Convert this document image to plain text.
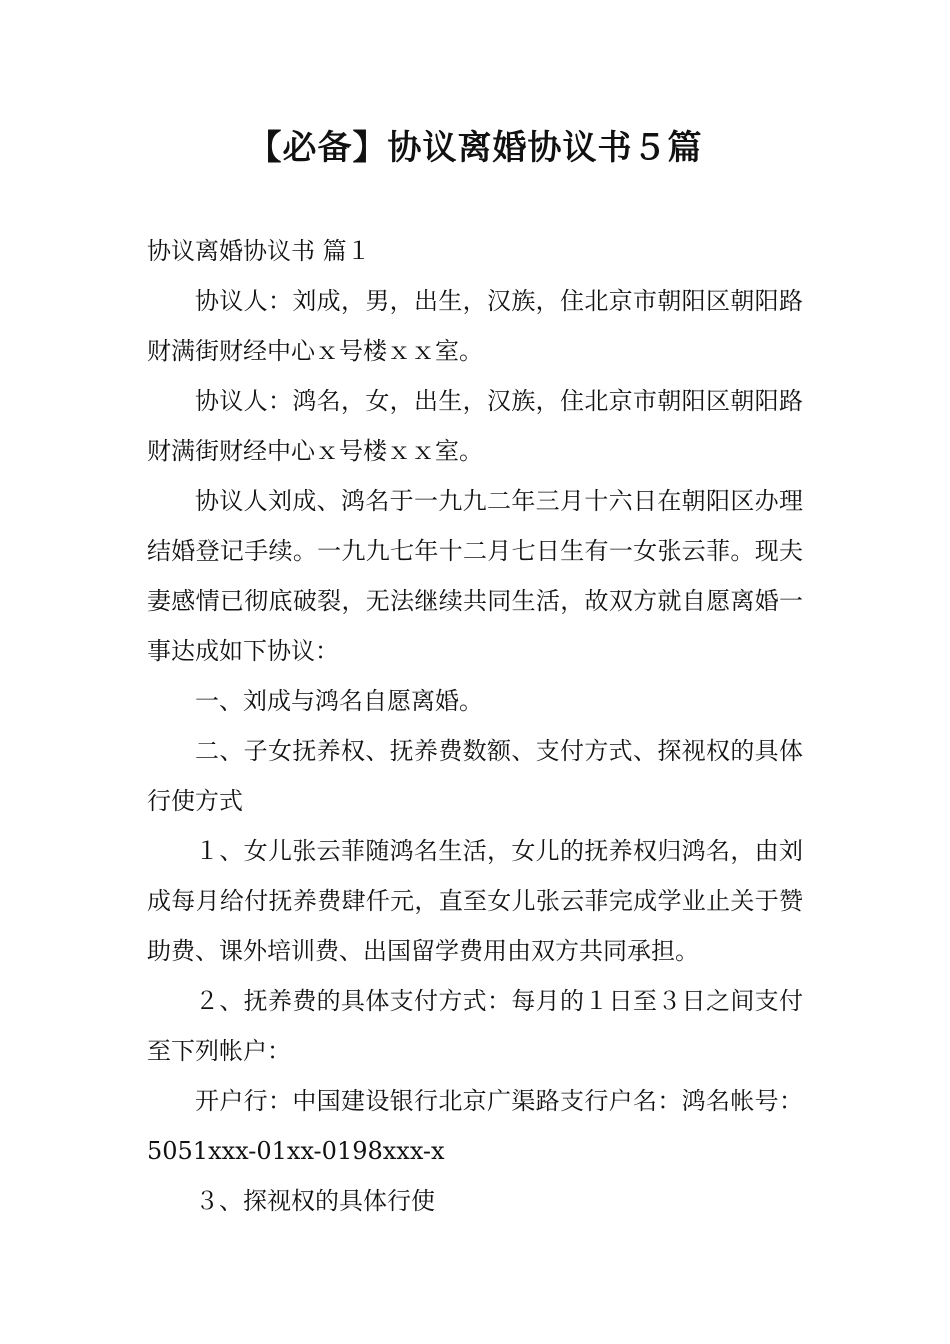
【必备】协议离婚协议书５篇

协议离婚协议书 篇１

协议人：刘成，男，出生，汉族，住北京市朝阳区朝阳路财满街财经中心ｘ号楼ｘｘ室。

协议人：鸿名，女，出生，汉族，住北京市朝阳区朝阳路财满街财经中心ｘ号楼ｘｘ室。

协议人刘成、鸿名于一九九二年三月十六日在朝阳区办理结婚登记手续。一九九七年十二月七日生有一女张云菲。现夫妻感情已彻底破裂，无法继续共同生活，故双方就自愿离婚一事达成如下协议：

一、刘成与鸿名自愿离婚。

二、子女抚养权、抚养费数额、支付方式、探视权的具体行使方式

１、女儿张云菲随鸿名生活，女儿的抚养权归鸿名，由刘成每月给付抚养费肆仟元，直至女儿张云菲完成学业止关于赞助费、课外培训费、出国留学费用由双方共同承担。

２、抚养费的具体支付方式：每月的１日至３日之间支付至下列帐户：

开户行：中国建设银行北京广渠路支行户名：鸿名帐号：5051xxx-01xx-0198xxx-x

３、探视权的具体行使
